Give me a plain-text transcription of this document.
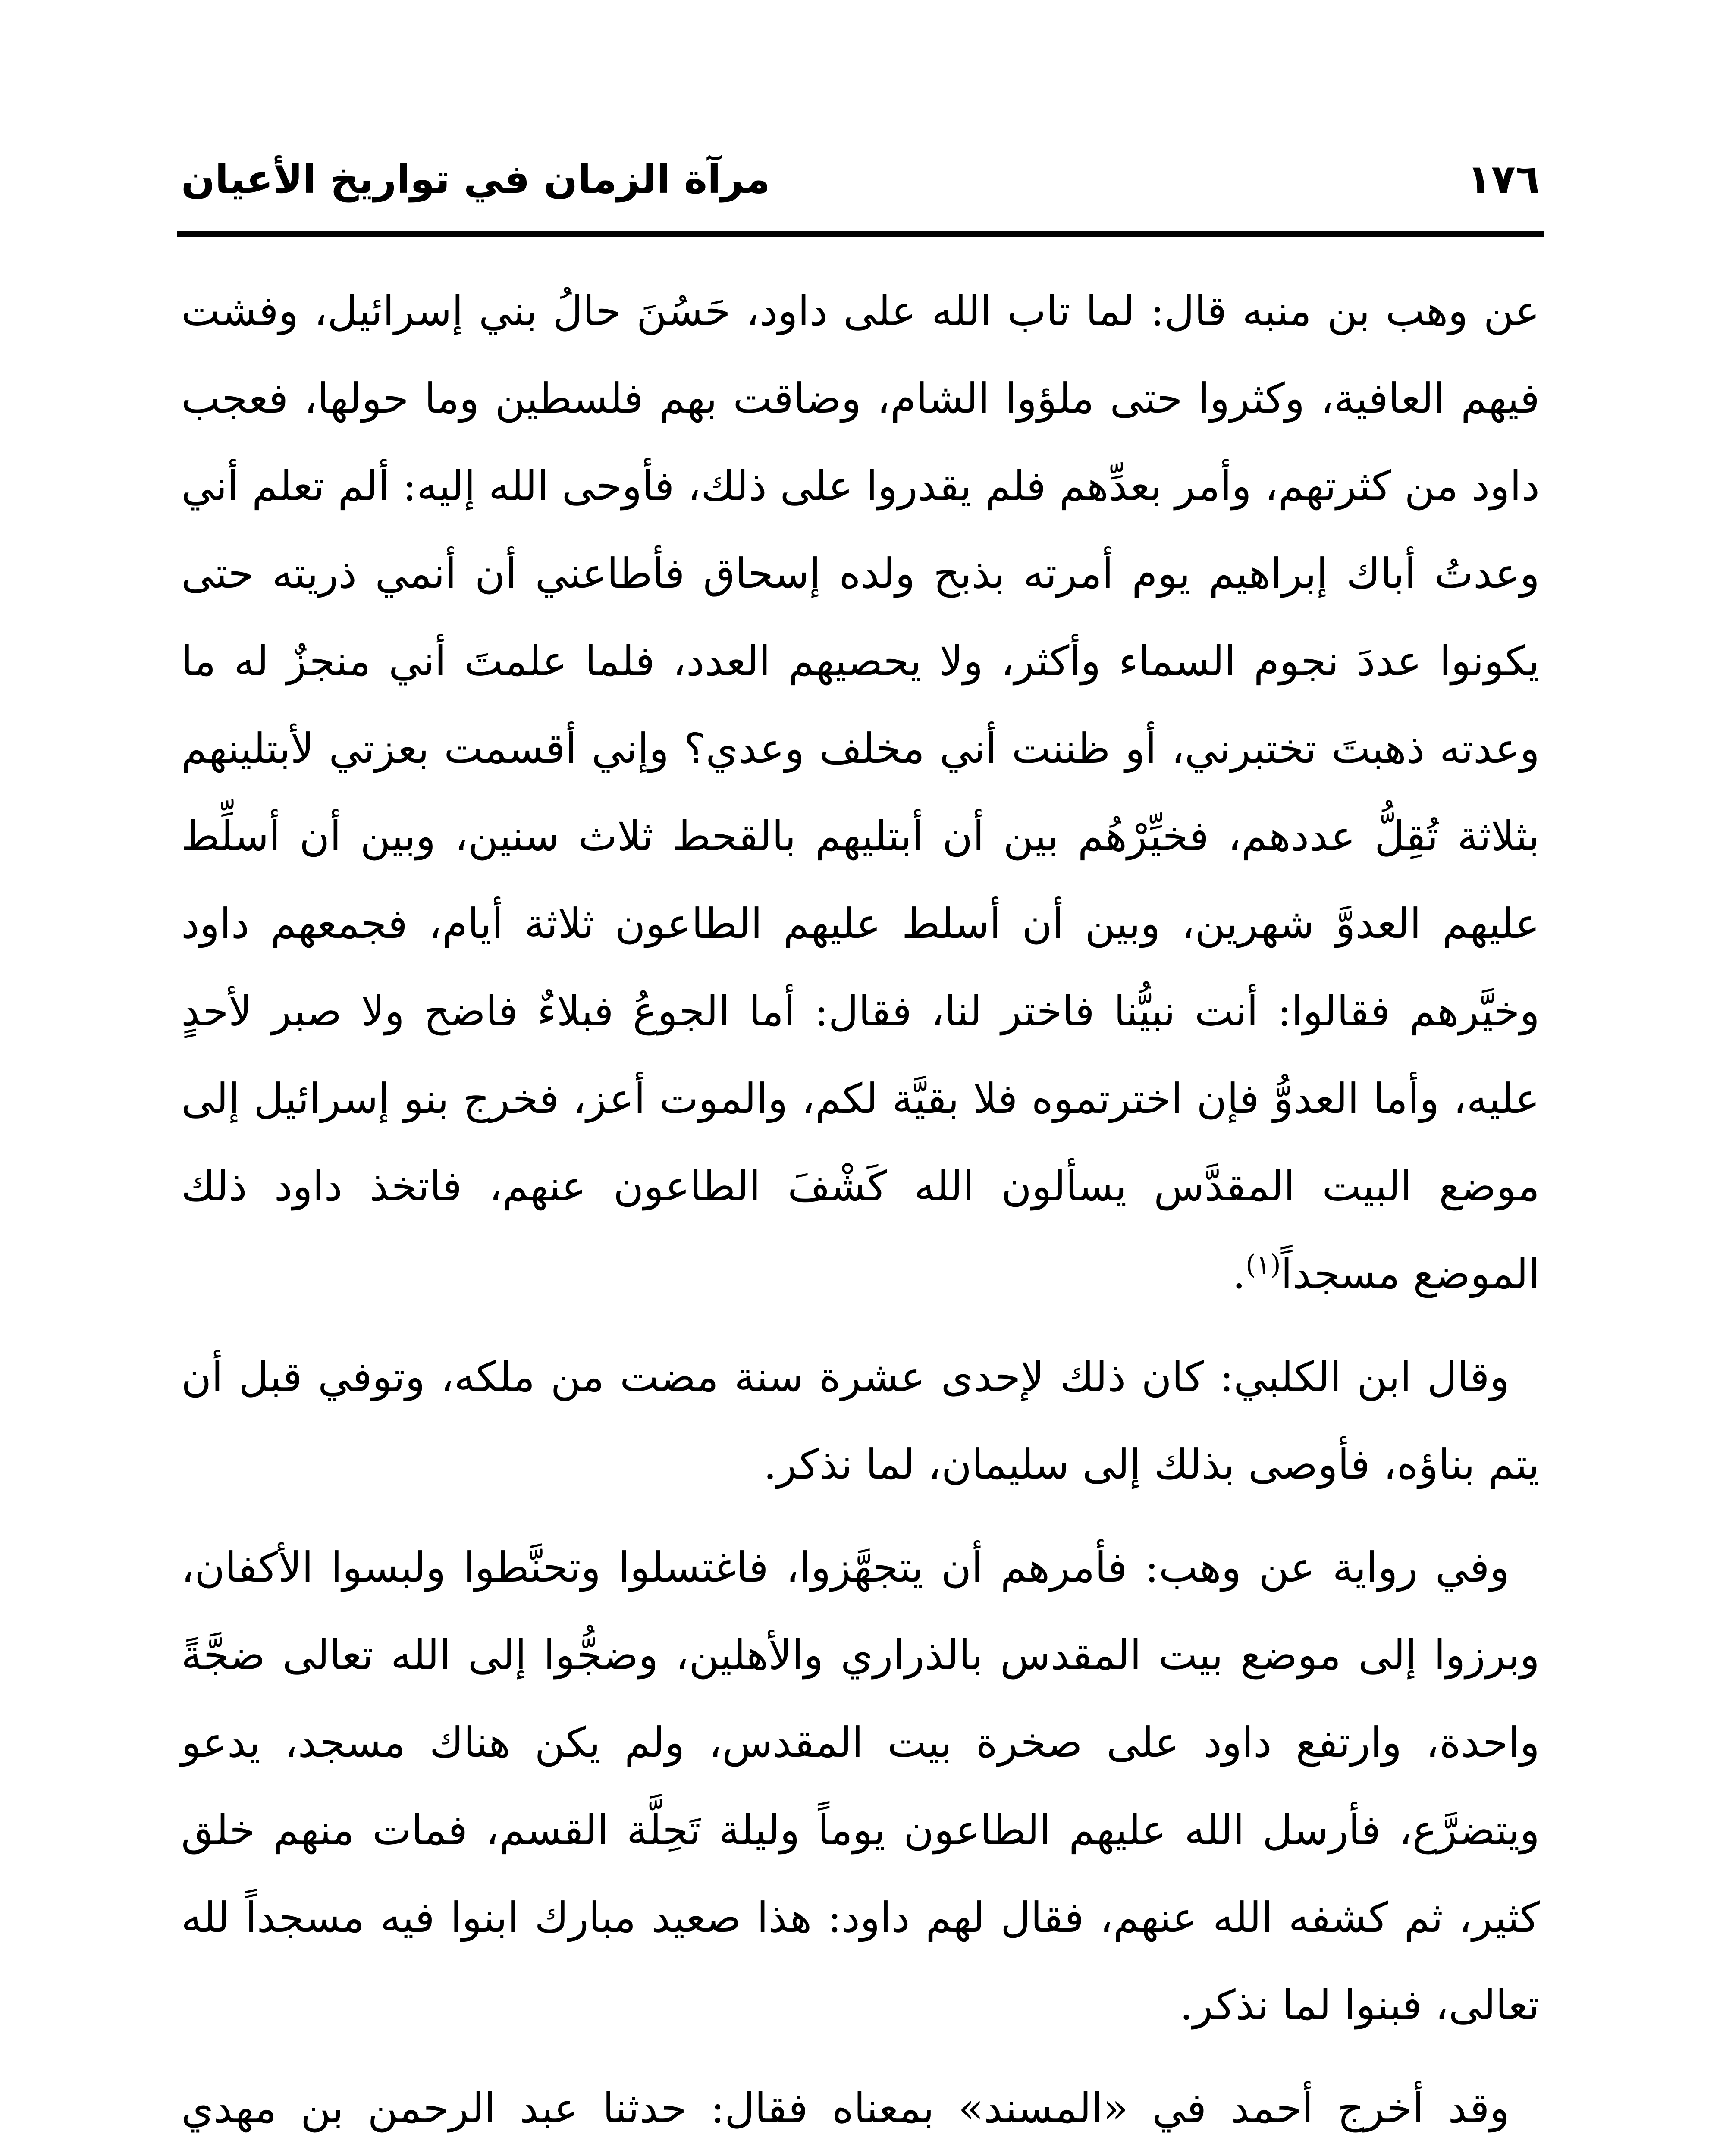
١٧٦
مرآة الزمان في تواريخ الأعيان

عن وهب بن منبه قال: لما تاب الله على داود، حَسُنَ حالُ بني إسرائيل، وفشت فيهم العافية، وكثروا حتى ملؤوا الشام، وضاقت بهم فلسطين وما حولها، فعجب داود من كثرتهم، وأمر بعدِّهم فلم يقدروا على ذلك، فأوحى الله إليه: ألم تعلم أني وعدتُ أباك إبراهيم يوم أمرته بذبح ولده إسحاق فأطاعني أن أنمي ذريته حتى يكونوا عددَ نجوم السماء وأكثر، ولا يحصيهم العدد، فلما علمتَ أني منجزٌ له ما وعدته ذهبتَ تختبرني، أو ظننت أني مخلف وعدي؟ وإني أقسمت بعزتي لأبتلينهم بثلاثة تُقِلُّ عددهم، فخيِّرْهُم بين أن أبتليهم بالقحط ثلاث سنين، وبين أن أسلِّط عليهم العدوَّ شهرين، وبين أن أسلط عليهم الطاعون ثلاثة أيام، فجمعهم داود وخيَّرهم فقالوا: أنت نبيُّنا فاختر لنا، فقال: أما الجوعُ فبلاءٌ فاضح ولا صبر لأحدٍ عليه، وأما العدوُّ فإن اخترتموه فلا بقيَّة لكم، والموت أعز، فخرج بنو إسرائيل إلى موضع البيت المقدَّس يسألون الله كَشْفَ الطاعون عنهم، فاتخذ داود ذلك الموضع مسجداً$^{(١)}$.

وقال ابن الكلبي: كان ذلك لإحدى عشرة سنة مضت من ملكه، وتوفي قبل أن يتم بناؤه، فأوصى بذلك إلى سليمان، لما نذكر.

وفي رواية عن وهب: فأمرهم أن يتجهَّزوا، فاغتسلوا وتحنَّطوا ولبسوا الأكفان، وبرزوا إلى موضع بيت المقدس بالذراري والأهلين، وضجُّوا إلى الله تعالى ضجَّةً واحدة، وارتفع داود على صخرة بيت المقدس، ولم يكن هناك مسجد، يدعو ويتضرَّع، فأرسل الله عليهم الطاعون يوماً وليلة تَحِلَّة القسم، فمات منهم خلق كثير، ثم كشفه الله عنهم، فقال لهم داود: هذا صعيد مبارك ابنوا فيه مسجداً لله تعالى، فبنوا لما نذكر.

وقد أخرج أحمد في «المسند» بمعناه فقال: حدثنا عبد الرحمن بن مهدي
